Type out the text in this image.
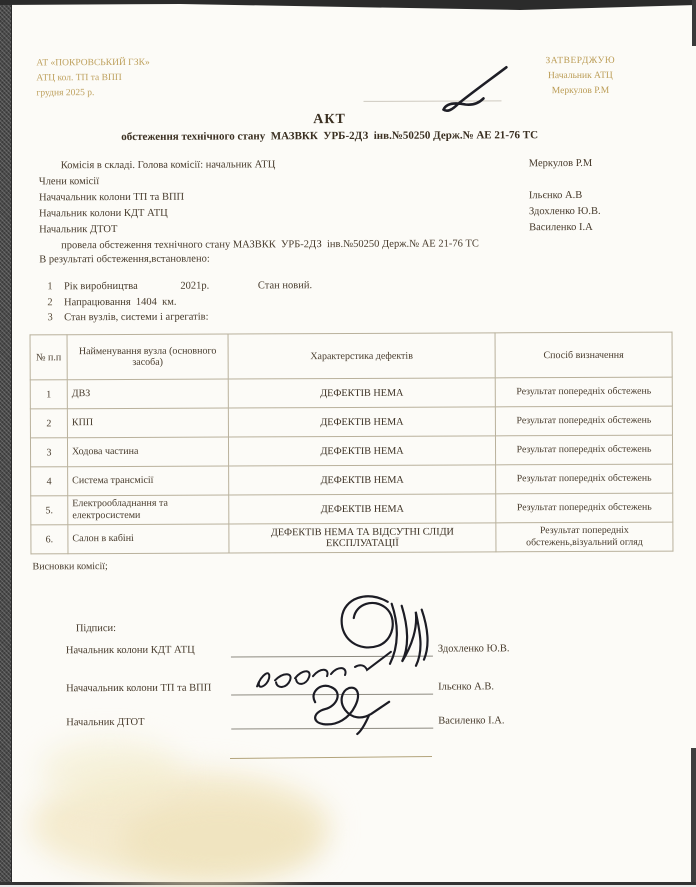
АТ «ПОКРОВСЬКИЙ ГЗК»
АТЦ кол. ТП та ВПП
грудня 2025 р.
ЗАТВЕРДЖУЮ
Начальник АТЦ
Меркулов Р.М
АКТ
обстеження технічного стану  МАЗВКК  УРБ-2ДЗ  інв.№50250 Держ.№ АЕ 21-76 ТС
Комісія в складі. Голова комісії: начальник АТЦ	Меркулов Р.М
Члени комісії
Начачальник колони ТП та ВПП	Ільєнко А.В
Начальник колони КДТ АТЦ	Здохленко Ю.В.
Начальник ДТОТ	Василенко І.А
провела обстеження технічного стану МАЗВКК  УРБ-2ДЗ  інв.№50250 Держ.№ АЕ 21-76 ТС
В результаті обстеження,встановлено:
1 Рік виробництва	2021р.	Стан новий.
2 Напрацювання  1404  км.
3 Стан вузлів, системи і агрегатів:
№ п.п	Найменування вузла (основного засоба)	Характерстика дефектів	Спосіб визначення
1	ДВЗ	ДЕФЕКТІВ НЕМА	Результат попередніх обстежень
2	КПП	ДЕФЕКТІВ НЕМА	Результат попередніх обстежень
3	Ходова частина	ДЕФЕКТІВ НЕМА	Результат попередніх обстежень
4	Система трансмісії	ДЕФЕКТІВ НЕМА	Результат попередніх обстежень
5.	Електрообладнання та електросистеми	ДЕФЕКТІВ НЕМА	Результат попередніх обстежень
6.	Салон в кабіні	ДЕФЕКТІВ НЕМА ТА ВІДСУТНІ СЛІДИ ЕКСПЛУАТАЦІЇ	Результат попередніх обстежень,візуальний огляд
Висновки комісії;
Підписи:
Начальник колони КДТ АТЦ	Здохленко Ю.В.
Начачальник колони ТП та ВПП	Ільєнко А.В.
Начальник ДТОТ	Василенко І.А.
